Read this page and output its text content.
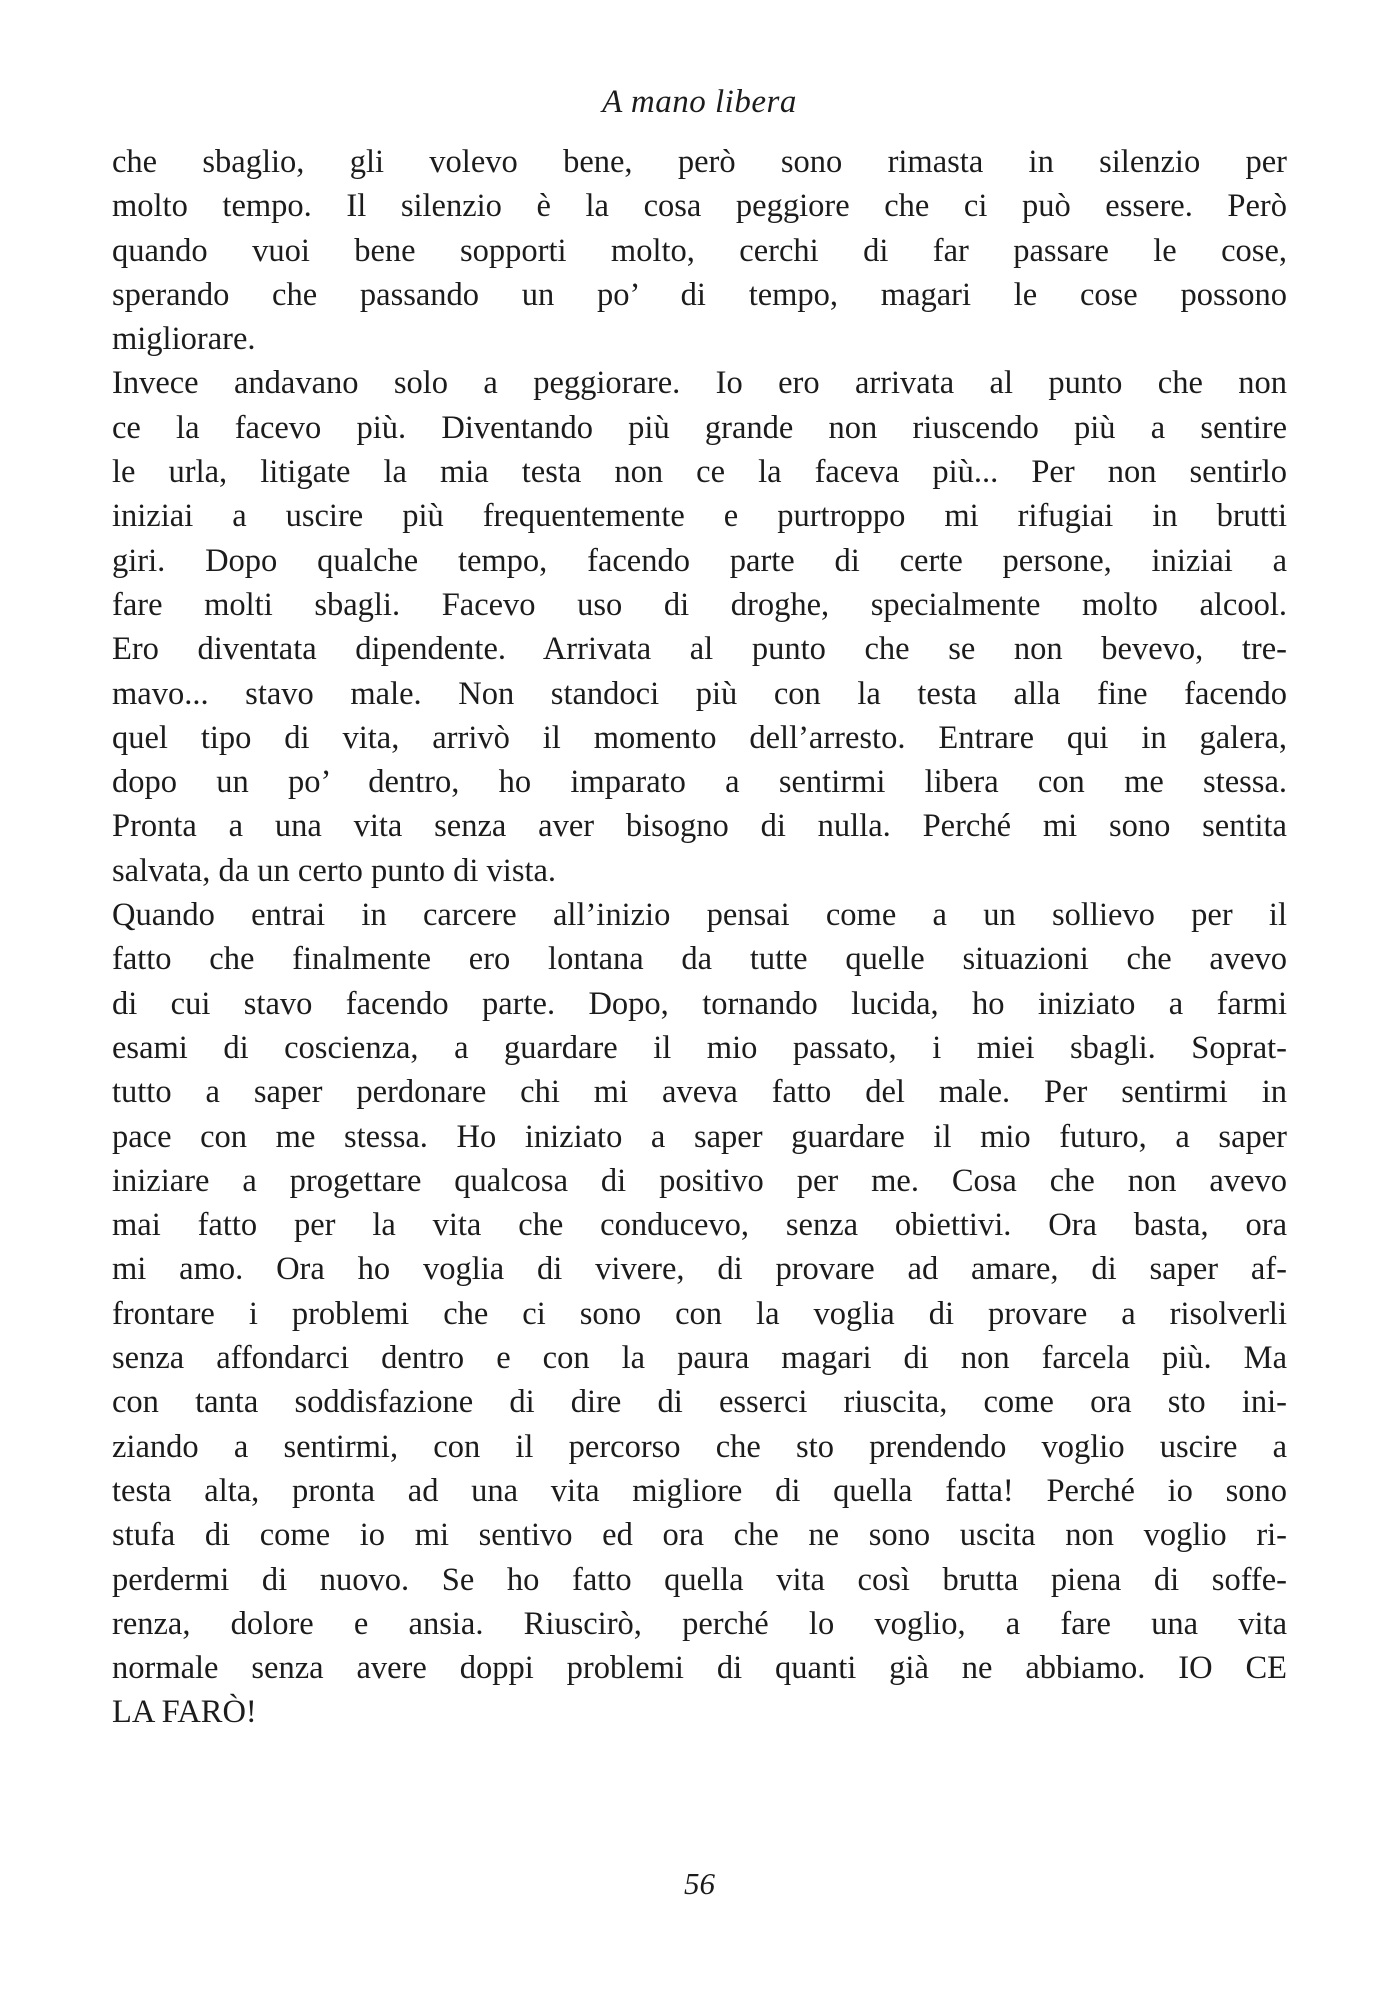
A mano libera
che sbaglio, gli volevo bene, però sono rimasta in silenzio per
molto tempo. Il silenzio è la cosa peggiore che ci può essere. Però
quando vuoi bene sopporti molto, cerchi di far passare le cose,
sperando che passando un po’ di tempo, magari le cose possono
migliorare.
Invece andavano solo a peggiorare. Io ero arrivata al punto che non
ce la facevo più. Diventando più grande non riuscendo più a sentire
le urla, litigate la mia testa non ce la faceva più... Per non sentirlo
iniziai a uscire più frequentemente e purtroppo mi rifugiai in brutti
giri. Dopo qualche tempo, facendo parte di certe persone, iniziai a
fare molti sbagli. Facevo uso di droghe, specialmente molto alcool.
Ero diventata dipendente. Arrivata al punto che se non bevevo, tre-
mavo... stavo male. Non standoci più con la testa alla fine facendo
quel tipo di vita, arrivò il momento dell’arresto. Entrare qui in galera,
dopo un po’ dentro, ho imparato a sentirmi libera con me stessa.
Pronta a una vita senza aver bisogno di nulla. Perché mi sono sentita
salvata, da un certo punto di vista.
Quando entrai in carcere all’inizio pensai come a un sollievo per il
fatto che finalmente ero lontana da tutte quelle situazioni che avevo
di cui stavo facendo parte. Dopo, tornando lucida, ho iniziato a farmi
esami di coscienza, a guardare il mio passato, i miei sbagli. Soprat-
tutto a saper perdonare chi mi aveva fatto del male. Per sentirmi in
pace con me stessa. Ho iniziato a saper guardare il mio futuro, a saper
iniziare a progettare qualcosa di positivo per me. Cosa che non avevo
mai fatto per la vita che conducevo, senza obiettivi. Ora basta, ora
mi amo. Ora ho voglia di vivere, di provare ad amare, di saper af-
frontare i problemi che ci sono con la voglia di provare a risolverli
senza affondarci dentro e con la paura magari di non farcela più. Ma
con tanta soddisfazione di dire di esserci riuscita, come ora sto ini-
ziando a sentirmi, con il percorso che sto prendendo voglio uscire a
testa alta, pronta ad una vita migliore di quella fatta! Perché io sono
stufa di come io mi sentivo ed ora che ne sono uscita non voglio ri-
perdermi di nuovo. Se ho fatto quella vita così brutta piena di soffe-
renza, dolore e ansia. Riuscirò, perché lo voglio, a fare una vita
normale senza avere doppi problemi di quanti già ne abbiamo. IO CE
LA FARÒ!
56
